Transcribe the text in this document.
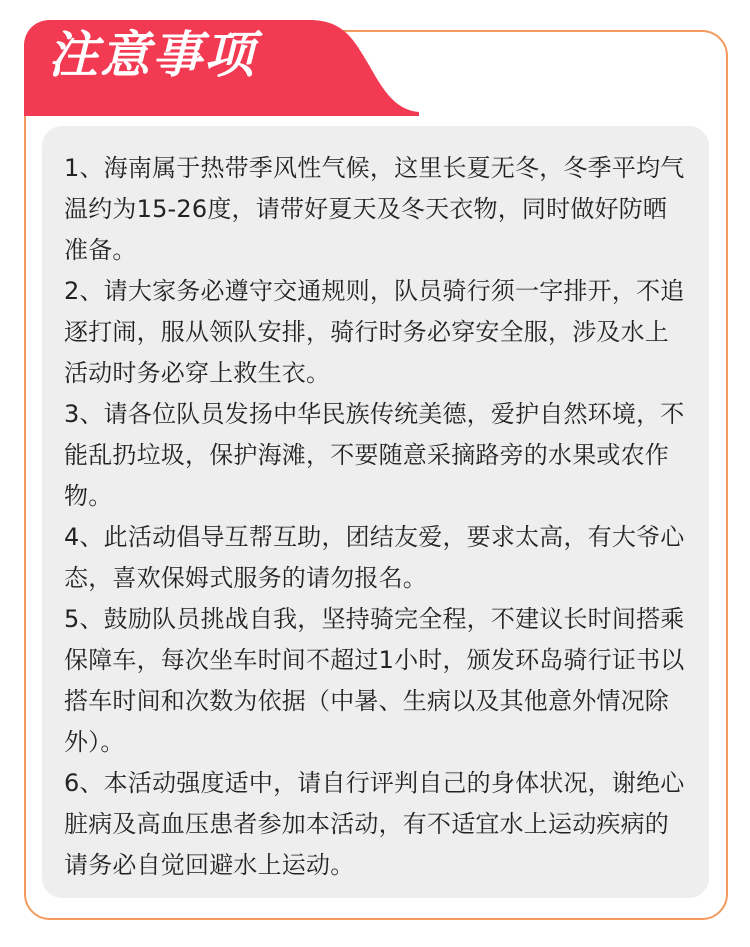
注意事项
1、海南属于热带季风性气候，这里长夏无冬，冬季平均气温约为15-26度，请带好夏天及冬天衣物，同时做好防晒准备。
2、请大家务必遵守交通规则，队员骑行须一字排开，不追逐打闹，服从领队安排，骑行时务必穿安全服，涉及水上活动时务必穿上救生衣。
3、请各位队员发扬中华民族传统美德，爱护自然环境，不能乱扔垃圾，保护海滩，不要随意采摘路旁的水果或农作物。
4、此活动倡导互帮互助，团结友爱，要求太高，有大爷心态，喜欢保姆式服务的请勿报名。
5、鼓励队员挑战自我，坚持骑完全程，不建议长时间搭乘保障车，每次坐车时间不超过1小时，颁发环岛骑行证书以搭车时间和次数为依据（中暑、生病以及其他意外情况除外）。
6、本活动强度适中，请自行评判自己的身体状况，谢绝心脏病及高血压患者参加本活动，有不适宜水上运动疾病的请务必自觉回避水上运动。
